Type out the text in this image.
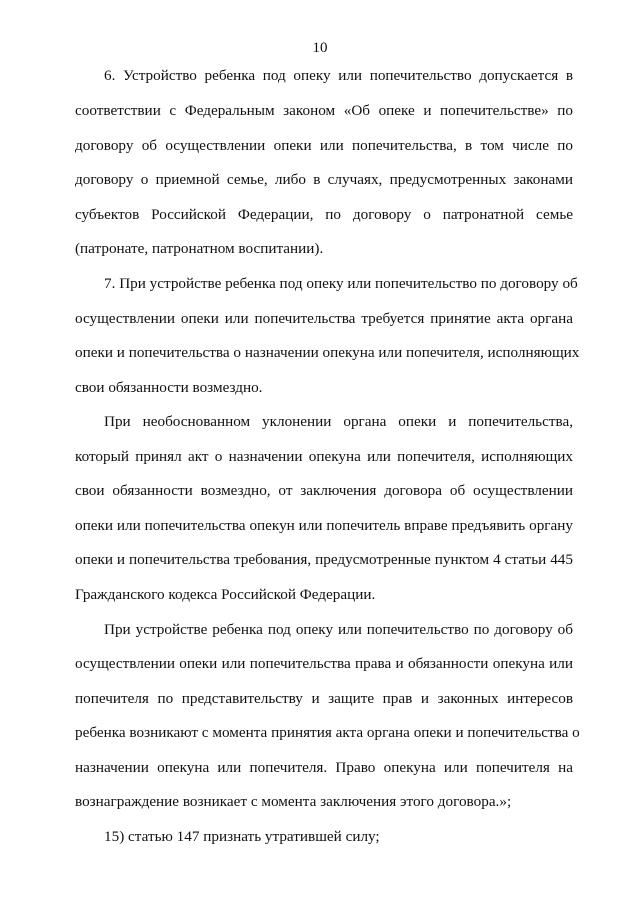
10
6. Устройство ребенка под опеку или попечительство допускается в
соответствии с Федеральным законом «Об опеке и попечительстве» по
договору об осуществлении опеки или попечительства, в том числе по
договору о приемной семье, либо в случаях, предусмотренных законами
субъектов Российской Федерации, по договору о патронатной семье
(патронате, патронатном воспитании).
7. При устройстве ребенка под опеку или попечительство по договору об
осуществлении опеки или попечительства требуется принятие акта органа
опеки и попечительства о назначении опекуна или попечителя, исполняющих
свои обязанности возмездно.
При необоснованном уклонении органа опеки и попечительства,
который принял акт о назначении опекуна или попечителя, исполняющих
свои обязанности возмездно, от заключения договора об осуществлении
опеки или попечительства опекун или попечитель вправе предъявить органу
опеки и попечительства требования, предусмотренные пунктом 4 статьи 445
Гражданского кодекса Российской Федерации.
При устройстве ребенка под опеку или попечительство по договору об
осуществлении опеки или попечительства права и обязанности опекуна или
попечителя по представительству и защите прав и законных интересов
ребенка возникают с момента принятия акта органа опеки и попечительства о
назначении опекуна или попечителя. Право опекуна или попечителя на
вознаграждение возникает с момента заключения этого договора.»;
15) статью 147 признать утратившей силу;
